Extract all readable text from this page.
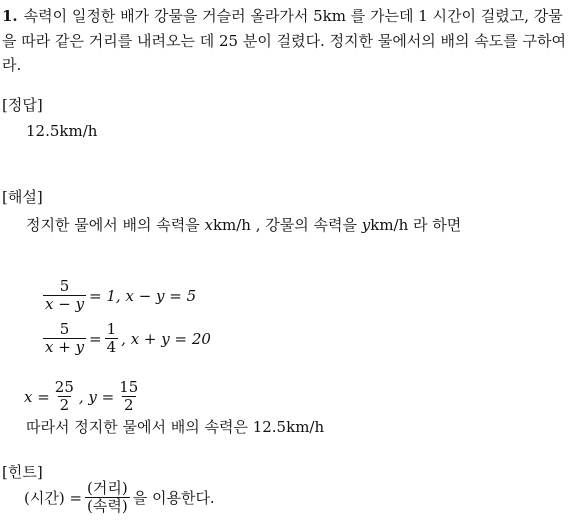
1. 속력이 일정한 배가 강물을 거슬러 올라가서 5km 를 가는데 1 시간이 걸렸고, 강물을 따라 같은 거리를 내려오는 데 25 분이 걸렸다. 정지한 물에서의 배의 속도를 구하여라.
[정답]
12.5km/h
[해설]
정지한 물에서 배의 속력을 xkm/h , 강물의 속력을 ykm/h 라 하면
$\frac{5}{x - y} = 1$, x − y = 5
$\frac{5}{x + y} = \frac{1}{4}$ , x + y = 20
$x = \frac{25}{2}$ , $y = \frac{15}{2}$
따라서 정지한 물에서 배의 속력은 12.5km/h
[힌트]
(시간) = $\frac{\text{(거리)}}{\text{(속력)}}$ 을 이용한다.
